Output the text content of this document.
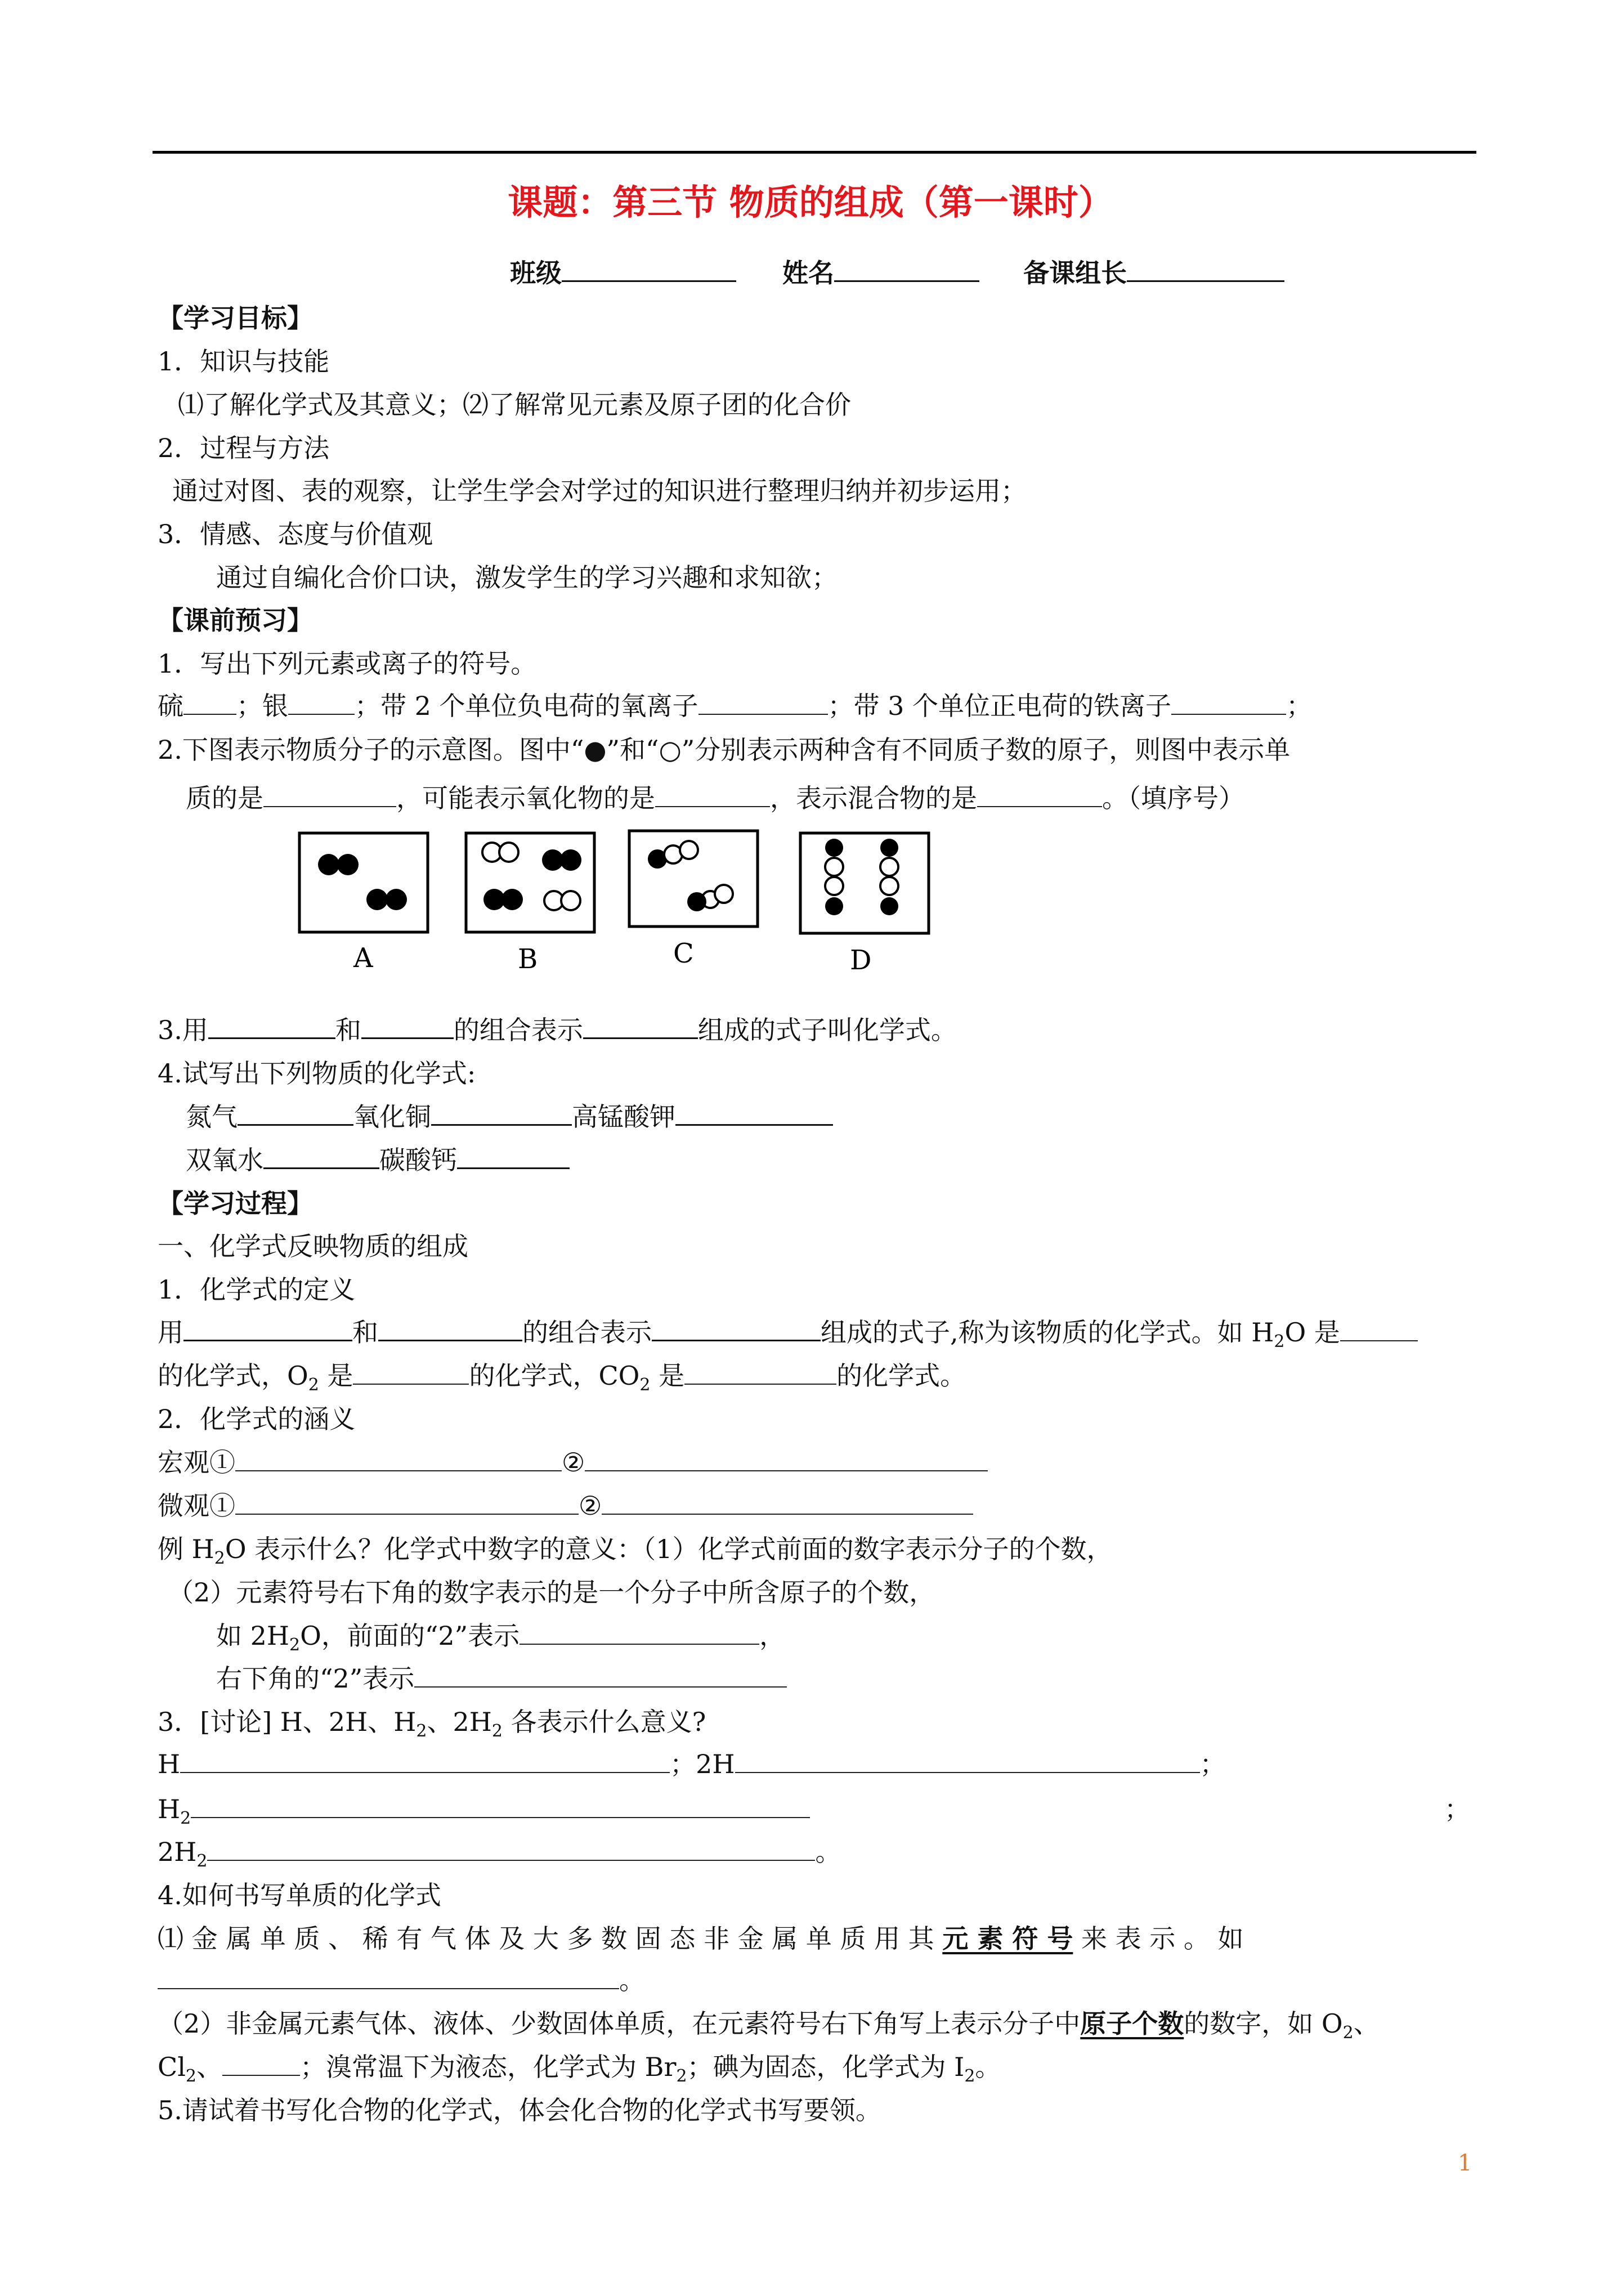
课题：第三节 物质的组成（第一课时）
班级	姓名	备课组长
【学习目标】
1．知识与技能
⑴了解化学式及其意义；⑵了解常见元素及原子团的化合价
2．过程与方法
通过对图、表的观察，让学生学会对学过的知识进行整理归纳并初步运用；
3．情感、态度与价值观
通过自编化合价口诀，激发学生的学习兴趣和求知欲；
【课前预习】
1．写出下列元素或离子的符号。
硫 ；银	；带 2 个单位负电荷的氧离子	；带 3 个单位正电荷的铁离子	；
2.下图表示物质分子的示意图。图中“●”和“○”分别表示两种含有不同质子数的原子，则图中表示单
质的是	，可能表示氧化物的是	，表示混合物的是	。（填序号）
A	B	C	D
3.用	和	的组合表示	组成的式子叫化学式。
4.试写出下列物质的化学式:
氮气	氧化铜	高锰酸钾
双氧水	碳酸钙
【学习过程】
一、化学式反映物质的组成
1．化学式的定义
用	和	的组合表示	组成的式子,称为该物质的化学式。如 $H_2O$ 是
的化学式，$O_2$ 是	的化学式，$CO_2$ 是	的化学式。
2．化学式的涵义
宏观①	②
微观①	②
例 $H_2O$ 表示什么？化学式中数字的意义：（1）化学式前面的数字表示分子的个数，
（2）元素符号右下角的数字表示的是一个分子中所含原子的个数，
如 $2H_2O$，前面的“2”表示	，
右下角的“2”表示
3．[讨论] H、2H、$H_2$、$2H_2$ 各表示什么意义?
H	；2H	；
$H_2$	；
$2H_2$	。
4.如何书写单质的化学式
⑴ 金 属 单 质 、 稀 有 气 体 及 大 多 数 固 态 非 金 属 单 质 用 其 元 素 符 号 来 表 示 。 如
。
（2）非金属元素气体、液体、少数固体单质，在元素符号右下角写上表示分子中原子个数的数字，如 $O_2$、
$Cl_2$、	；溴常温下为液态，化学式为 $Br_2$；碘为固态，化学式为 $I_2$。
5.请试着书写化合物的化学式，体会化合物的化学式书写要领。
1
